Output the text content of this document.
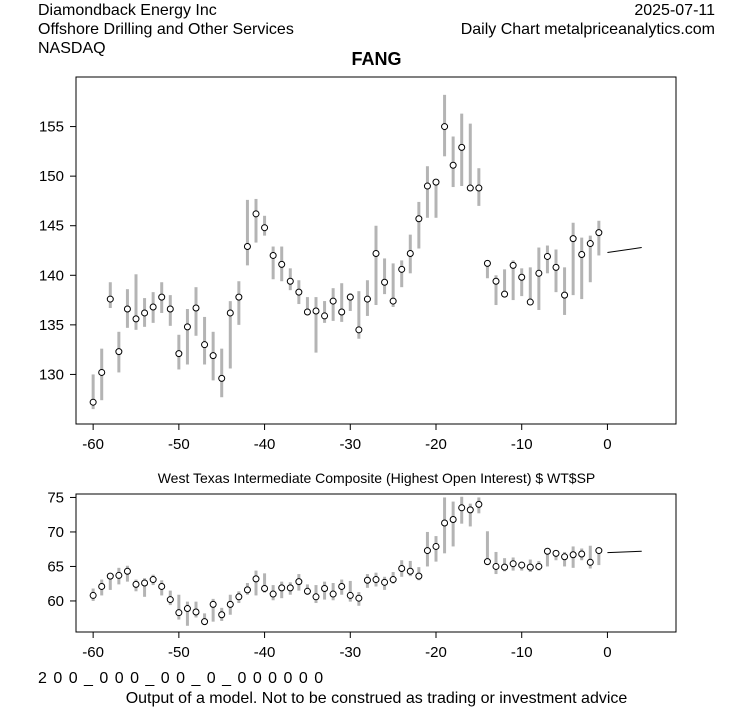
Diamondback Energy Inc
Offshore Drilling and Other Services
NASDAQ
2025-07-11
Daily Chart metalpriceanalytics.com
FANG
West Texas Intermediate Composite (Highest Open Interest) $ WT$SP
-60	-50	-40	-30	-20	-10	0
130
135
140
145
150
155
-60	-50	-40	-30	-20	-10	0
60
65
70
75
2 0 0 _ 0 0 0 _ 0 0 _ 0 _ 0 0 0 0 0 0
Output of a model. Not to be construed as trading or investment advice
